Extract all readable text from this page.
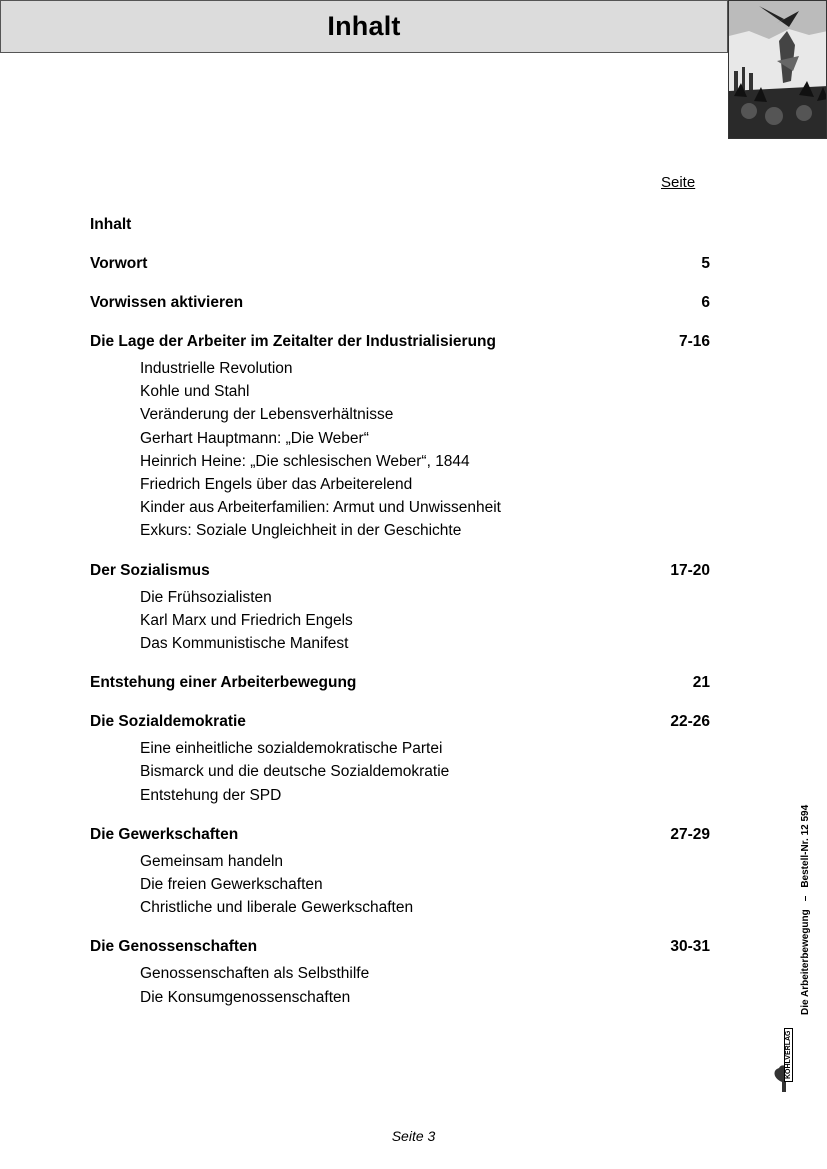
Inhalt
Seite
Inhalt
Vorwort	5
Vorwissen aktivieren	6
Die Lage der Arbeiter im Zeitalter der Industrialisierung	7-16
Industrielle Revolution
Kohle und Stahl
Veränderung der Lebensverhältnisse
Gerhart Hauptmann: „Die Weber“
Heinrich Heine: „Die schlesischen Weber“, 1844
Friedrich Engels über das Arbeiterelend
Kinder aus Arbeiterfamilien: Armut und Unwissenheit
Exkurs: Soziale Ungleichheit in der Geschichte
Der Sozialismus	17-20
Die Frühsozialisten
Karl Marx und Friedrich Engels
Das Kommunistische Manifest
Entstehung einer Arbeiterbewegung	21
Die Sozialdemokratie	22-26
Eine einheitliche sozialdemokratische Partei
Bismarck und die deutsche Sozialdemokratie
Entstehung der SPD
Die Gewerkschaften	27-29
Gemeinsam handeln
Die freien Gewerkschaften
Christliche und liberale Gewerkschaften
Die Genossenschaften	30-31
Genossenschaften als Selbsthilfe
Die Konsumgenossenschaften
Seite 3
Die Arbeiterbewegung–Bestell-Nr. 12 594
KOHLVERLAG
